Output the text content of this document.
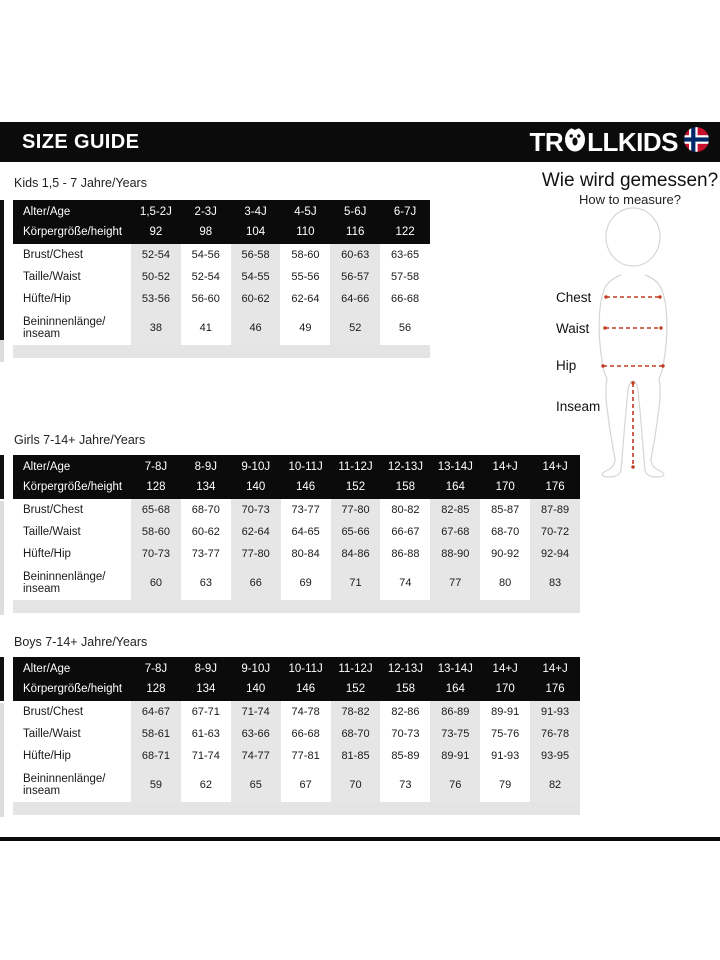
SIZE GUIDE	TR LLKIDS
Kids 1,5 - 7 Jahre/Years
Girls 7-14+ Jahre/Years
Boys 7-14+ Jahre/Years
Alter/Age	1,5-2J	2-3J	3-4J	4-5J	5-6J	6-7J
Körpergröße/height	92	98	104	110	116	122
Brust/Chest	52-54	54-56	56-58	58-60	60-63	63-65
Taille/Waist	50-52	52-54	54-55	55-56	56-57	57-58
Hüfte/Hip	53-56	56-60	60-62	62-64	64-66	66-68
Beininnenlänge/ inseam	38	41	46	49	52	56
Alter/Age	7-8J	8-9J	9-10J	10-11J	11-12J	12-13J	13-14J	14+J	14+J
Körpergröße/height	128	134	140	146	152	158	164	170	176
Brust/Chest	65-68	68-70	70-73	73-77	77-80	80-82	82-85	85-87	87-89
Taille/Waist	58-60	60-62	62-64	64-65	65-66	66-67	67-68	68-70	70-72
Hüfte/Hip	70-73	73-77	77-80	80-84	84-86	86-88	88-90	90-92	92-94
Beininnenlänge/ inseam	60	63	66	69	71	74	77	80	83
Alter/Age	7-8J	8-9J	9-10J	10-11J	11-12J	12-13J	13-14J	14+J	14+J
Körpergröße/height	128	134	140	146	152	158	164	170	176
Brust/Chest	64-67	67-71	71-74	74-78	78-82	82-86	86-89	89-91	91-93
Taille/Waist	58-61	61-63	63-66	66-68	68-70	70-73	73-75	75-76	76-78
Hüfte/Hip	68-71	71-74	74-77	77-81	81-85	85-89	89-91	91-93	93-95
Beininnenlänge/ inseam	59	62	65	67	70	73	76	79	82
Wie wird gemessen?
How to measure?
Chest
Waist
Hip
Inseam
